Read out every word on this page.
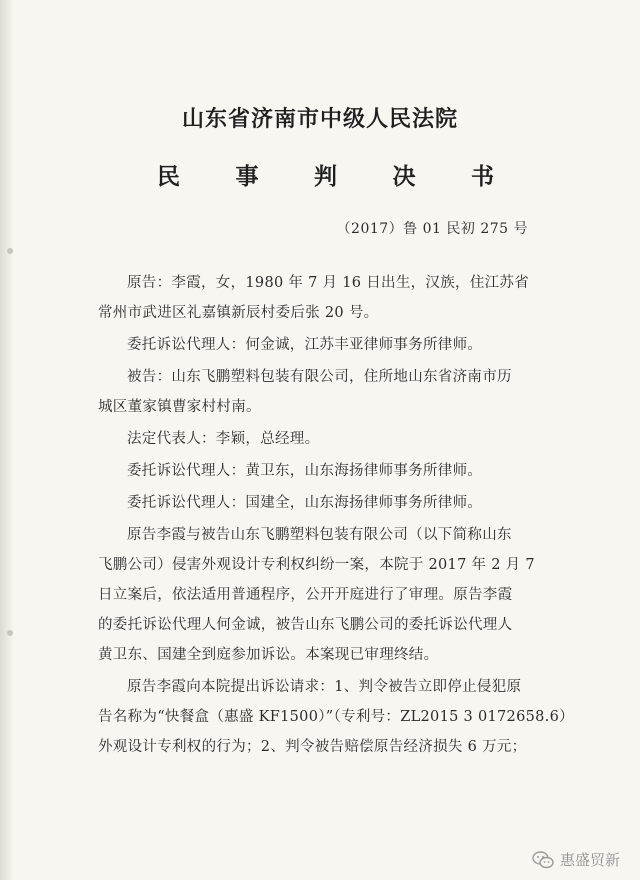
山东省济南市中级人民法院
民 事 判 决 书
（2017）鲁 01 民初 275 号

原告：李霞，女，1980 年 7 月 16 日出生，汉族，住江苏省
常州市武进区礼嘉镇新辰村委后张 20 号。

委托诉讼代理人：何金诚，江苏丰亚律师事务所律师。

被告：山东飞鹏塑料包装有限公司，住所地山东省济南市历
城区董家镇曹家村村南。

法定代表人：李颖，总经理。

委托诉讼代理人：黄卫东，山东海扬律师事务所律师。

委托诉讼代理人：国建全，山东海扬律师事务所律师。

原告李霞与被告山东飞鹏塑料包装有限公司（以下简称山东
飞鹏公司）侵害外观设计专利权纠纷一案，本院于 2017 年 2 月 7
日立案后，依法适用普通程序，公开开庭进行了审理。原告李霞
的委托诉讼代理人何金诚，被告山东飞鹏公司的委托诉讼代理人
黄卫东、国建全到庭参加诉讼。本案现已审理终结。

原告李霞向本院提出诉讼请求：1、判令被告立即停止侵犯原
告名称为“快餐盒（惠盛 KF1500）”（专利号：ZL2015 3 0172658.6）
外观设计专利权的行为；2、判令被告赔偿原告经济损失 6 万元；

惠盛贸新
